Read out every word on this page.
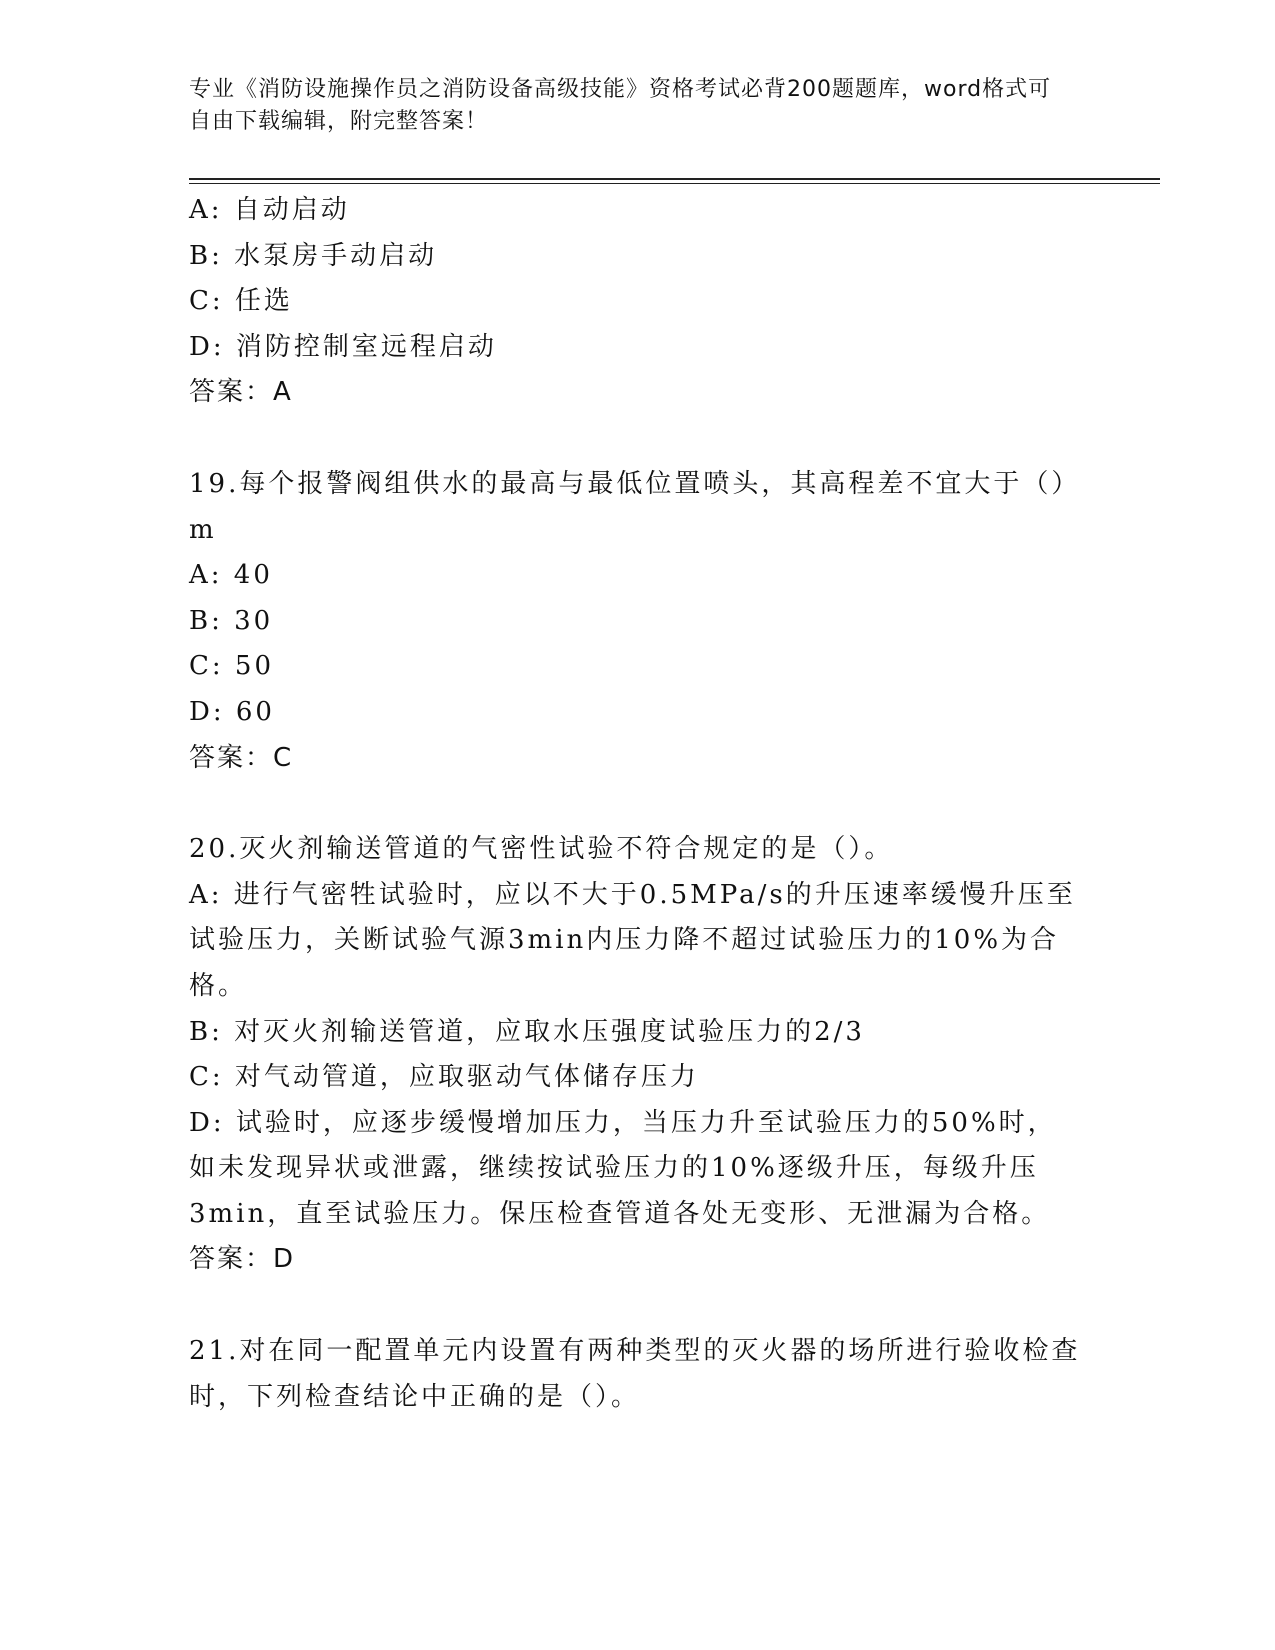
专业《消防设施操作员之消防设备高级技能》资格考试必背200题题库，word格式可自由下载编辑，附完整答案！
A: 自动启动
B: 水泵房手动启动
C: 任选
D: 消防控制室远程启动
答案：A
19.每个报警阀组供水的最高与最低位置喷头，其高程差不宜大于（）m
A: 40
B: 30
C: 50
D: 60
答案：C
20.灭火剂输送管道的气密性试验不符合规定的是（）。
A: 进行气密牲试验时，应以不大于0.5MPa/s的升压速率缓慢升压至试验压力，关断试验气源3min内压力降不超过试验压力的10%为合格。
B: 对灭火剂输送管道，应取水压强度试验压力的2/3
C: 对气动管道，应取驱动气体储存压力
D: 试验时，应逐步缓慢增加压力，当压力升至试验压力的50%时，如未发现异状或泄露，继续按试验压力的10%逐级升压，每级升压3min，直至试验压力。保压检查管道各处无变形、无泄漏为合格。
答案：D
21.对在同一配置单元内设置有两种类型的灭火器的场所进行验收检查时，下列检查结论中正确的是（）。
